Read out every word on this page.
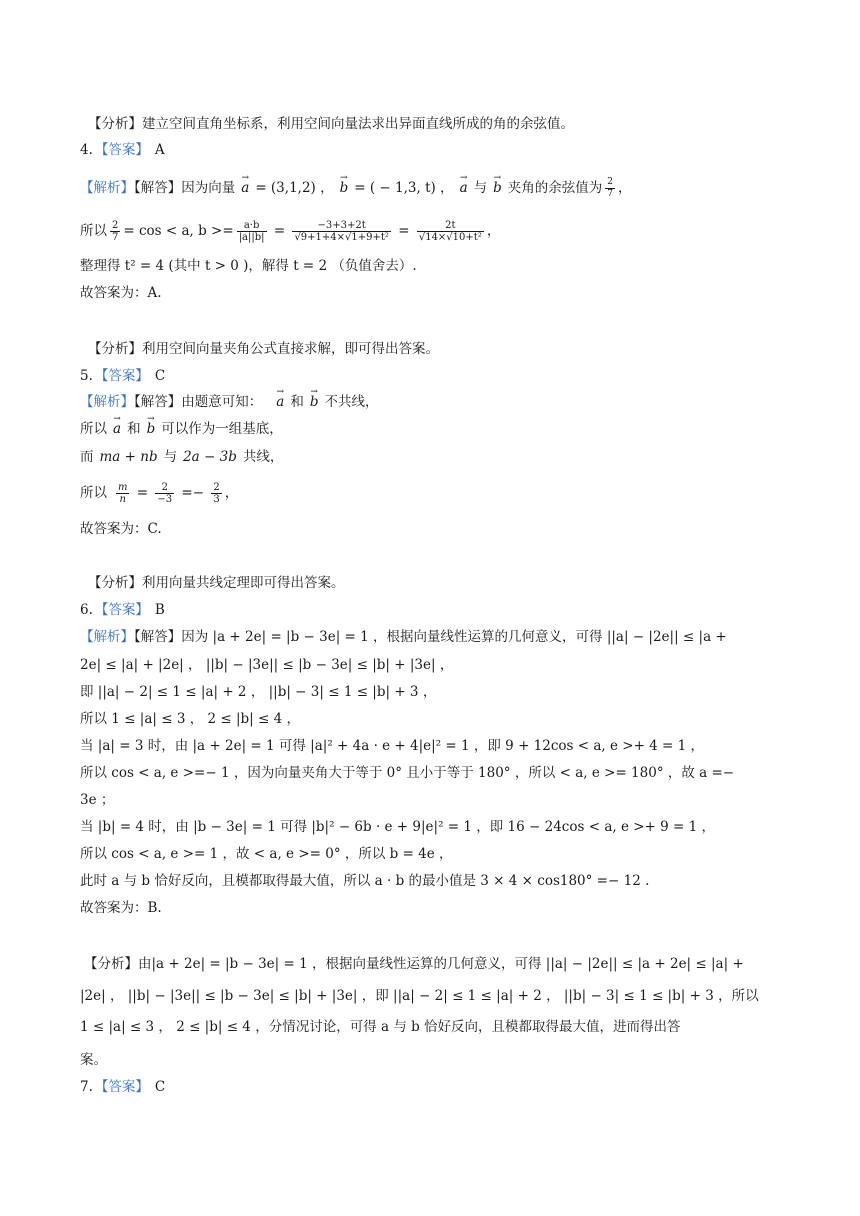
【分析】建立空间直角坐标系，利用空间向量法求出异面直线所成的角的余弦值。
4. 【答案】 A
【解析】【解答】因为向量 → a = (3,1,2) ， → b = ( − 1,3, t) ， → a 与 → b 夹角的余弦值为 $\frac{2}{7}$ ，
所以 $\frac{2}{7} = \cos < a$, $b >= \frac{a\cdot b}{|a||b|} = \frac{-3+3+2t}{\text{√9+1+4×√1+9+t²}} = \frac{2t}{\text{√14×√10+t²}}$ ，
整理得 t² = 4 (其中 t > 0 )，解得 t = 2 （负值舍去）.
故答案为：A.
【分析】利用空间向量夹角公式直接求解，即可得出答案。
5. 【答案】 C
【解析】【解答】由题意可知： → a 和 → b 不共线，
所以 → a 和 → b 可以作为一组基底，
而 ma + nb 与 2a − 3b 共线，
所以 $\frac{m}{n} = \frac{2}{-3} =- \frac{2}{3}$ ，
故答案为：C.
【分析】利用向量共线定理即可得出答案。
6. 【答案】 B
【解析】【解答】因为 |a + 2e| = |b − 3e| = 1 ，根据向量线性运算的几何意义，可得 ||a| − |2e|| ≤ |a +
2e| ≤ |a| + |2e| ， ||b| − |3e|| ≤ |b − 3e| ≤ |b| + |3e| ，
即 ||a| − 2| ≤ 1 ≤ |a| + 2 ， ||b| − 3| ≤ 1 ≤ |b| + 3 ，
所以 1 ≤ |a| ≤ 3 ， 2 ≤ |b| ≤ 4 ，
当 |a| = 3 时，由 |a + 2e| = 1 可得 |a|² + 4a · e + 4|e|² = 1 ，即 9 + 12cos < a, e >+ 4 = 1 ，
所以 cos < a, e >=− 1 ，因为向量夹角大于等于 0° 且小于等于 180° ，所以 < a, e >= 180° ，故 a =−
3e ；
当 |b| = 4 时，由 |b − 3e| = 1 可得 |b|² − 6b · e + 9|e|² = 1 ，即 16 − 24cos < a, e >+ 9 = 1 ，
所以 cos < a, e >= 1 ，故 < a, e >= 0° ，所以 b = 4e ，
此时 a 与 b 恰好反向，且模都取得最大值，所以 a · b 的最小值是 3 × 4 × cos180° =− 12 .
故答案为：B.
【分析】由|a + 2e| = |b − 3e| = 1 ，根据向量线性运算的几何意义，可得 ||a| − |2e|| ≤ |a + 2e| ≤ |a| +
|2e| ， ||b| − |3e|| ≤ |b − 3e| ≤ |b| + |3e| ，即 ||a| − 2| ≤ 1 ≤ |a| + 2 ， ||b| − 3| ≤ 1 ≤ |b| + 3 ，所以
1 ≤ |a| ≤ 3 ， 2 ≤ |b| ≤ 4 ，分情况讨论，可得 a 与 b 恰好反向，且模都取得最大值，进而得出答
案。
7. 【答案】 C
